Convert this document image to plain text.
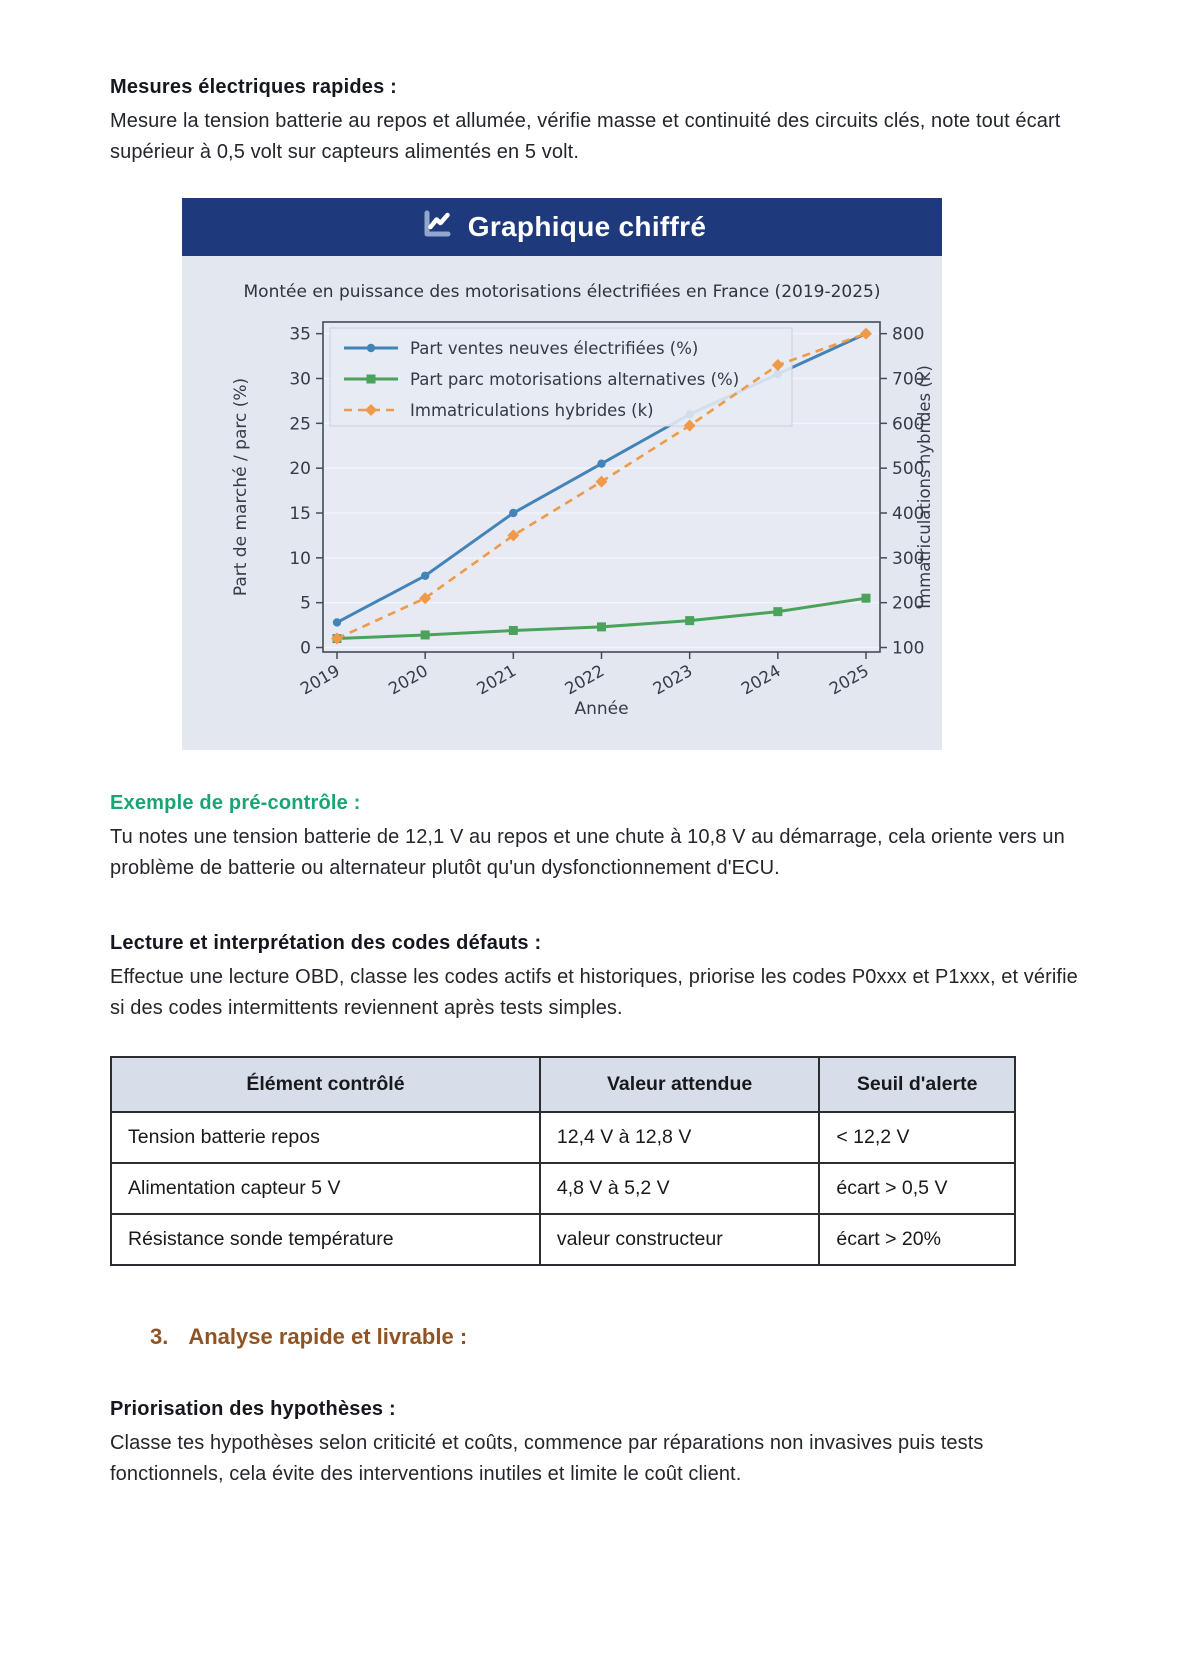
Mesures électriques rapides :

Mesure la tension batterie au repos et allumée, vérifie masse et continuité des circuits clés, note tout écart supérieur à 0,5 volt sur capteurs alimentés en 5 volt.

Graphique chiffré
Montée en puissance des motorisations électrifiées en France (2019-2025)
0
5
10
15
20
25
30
35
100
200
300
400
500
600
700
800
2019	2020	2021	2022	2023	2024	2025
Année
Part de marché / parc (%)	Immatriculations hybrides (k)
Part ventes neuves électrifiées (%)
Part parc motorisations alternatives (%)
Immatriculations hybrides (k)
Exemple de pré-contrôle :

Tu notes une tension batterie de 12,1 V au repos et une chute à 10,8 V au démarrage, cela oriente vers un problème de batterie ou alternateur plutôt qu'un dysfonctionnement d'ECU.

Lecture et interprétation des codes défauts :

Effectue une lecture OBD, classe les codes actifs et historiques, priorise les codes P0xxx et P1xxx, et vérifie si des codes intermittents reviennent après tests simples.

Élément contrôlé	Valeur attendue	Seuil d'alerte
Tension batterie repos	12,4 V à 12,8 V	< 12,2 V
Alimentation capteur 5 V	4,8 V à 5,2 V	écart > 0,5 V
Résistance sonde température	valeur constructeur	écart > 20%
3. Analyse rapide et livrable :
Priorisation des hypothèses :

Classe tes hypothèses selon criticité et coûts, commence par réparations non invasives puis tests fonctionnels, cela évite des interventions inutiles et limite le coût client.
